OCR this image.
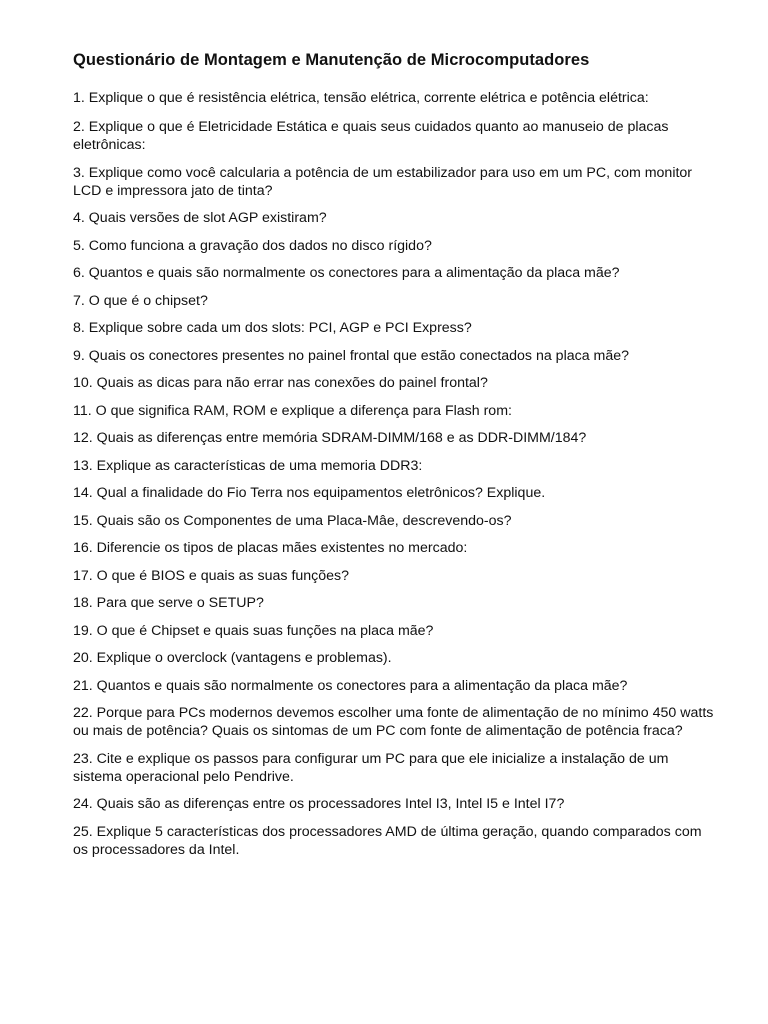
Questionário de Montagem e Manutenção de Microcomputadores
1. Explique o que é resistência elétrica, tensão elétrica, corrente elétrica e potência elétrica:
2. Explique o que é Eletricidade Estática e quais seus cuidados quanto ao manuseio de placas eletrônicas:
3. Explique como você calcularia a potência de um estabilizador para uso em um PC, com monitor LCD e impressora jato de tinta?
4. Quais versões de slot AGP existiram?
5. Como funciona a gravação dos dados no disco rígido?
6. Quantos e quais são normalmente os conectores para a alimentação da placa mãe?
7. O que é o chipset?
8. Explique sobre cada um dos slots: PCI, AGP e PCI Express?
9. Quais os conectores presentes no painel frontal que estão conectados na placa mãe?
10. Quais as dicas para não errar nas conexões do painel frontal?
11. O que significa RAM, ROM e explique a diferença para Flash rom:
12. Quais as diferenças entre memória SDRAM-DIMM/168 e as DDR-DIMM/184?
13. Explique as características de uma memoria DDR3:
14. Qual a finalidade do Fio Terra nos equipamentos eletrônicos? Explique.
15. Quais são os Componentes de uma Placa-Mâe, descrevendo-os?
16. Diferencie os tipos de placas mães existentes no mercado:
17. O que é BIOS e quais as suas funções?
18. Para que serve o SETUP?
19. O que é Chipset e quais suas funções na placa mãe?
20. Explique o overclock (vantagens e problemas).
21. Quantos e quais são normalmente os conectores para a alimentação da placa mãe?
22. Porque para PCs modernos devemos escolher uma fonte de alimentação de no mínimo 450 watts ou mais de potência? Quais os sintomas de um PC com fonte de alimentação de potência fraca?
23. Cite e explique os passos para configurar um PC para que ele inicialize a instalação de um sistema operacional pelo Pendrive.
24. Quais são as diferenças entre os processadores Intel I3, Intel I5 e Intel I7?
25. Explique 5 características dos processadores AMD de última geração, quando comparados com os processadores da Intel.
